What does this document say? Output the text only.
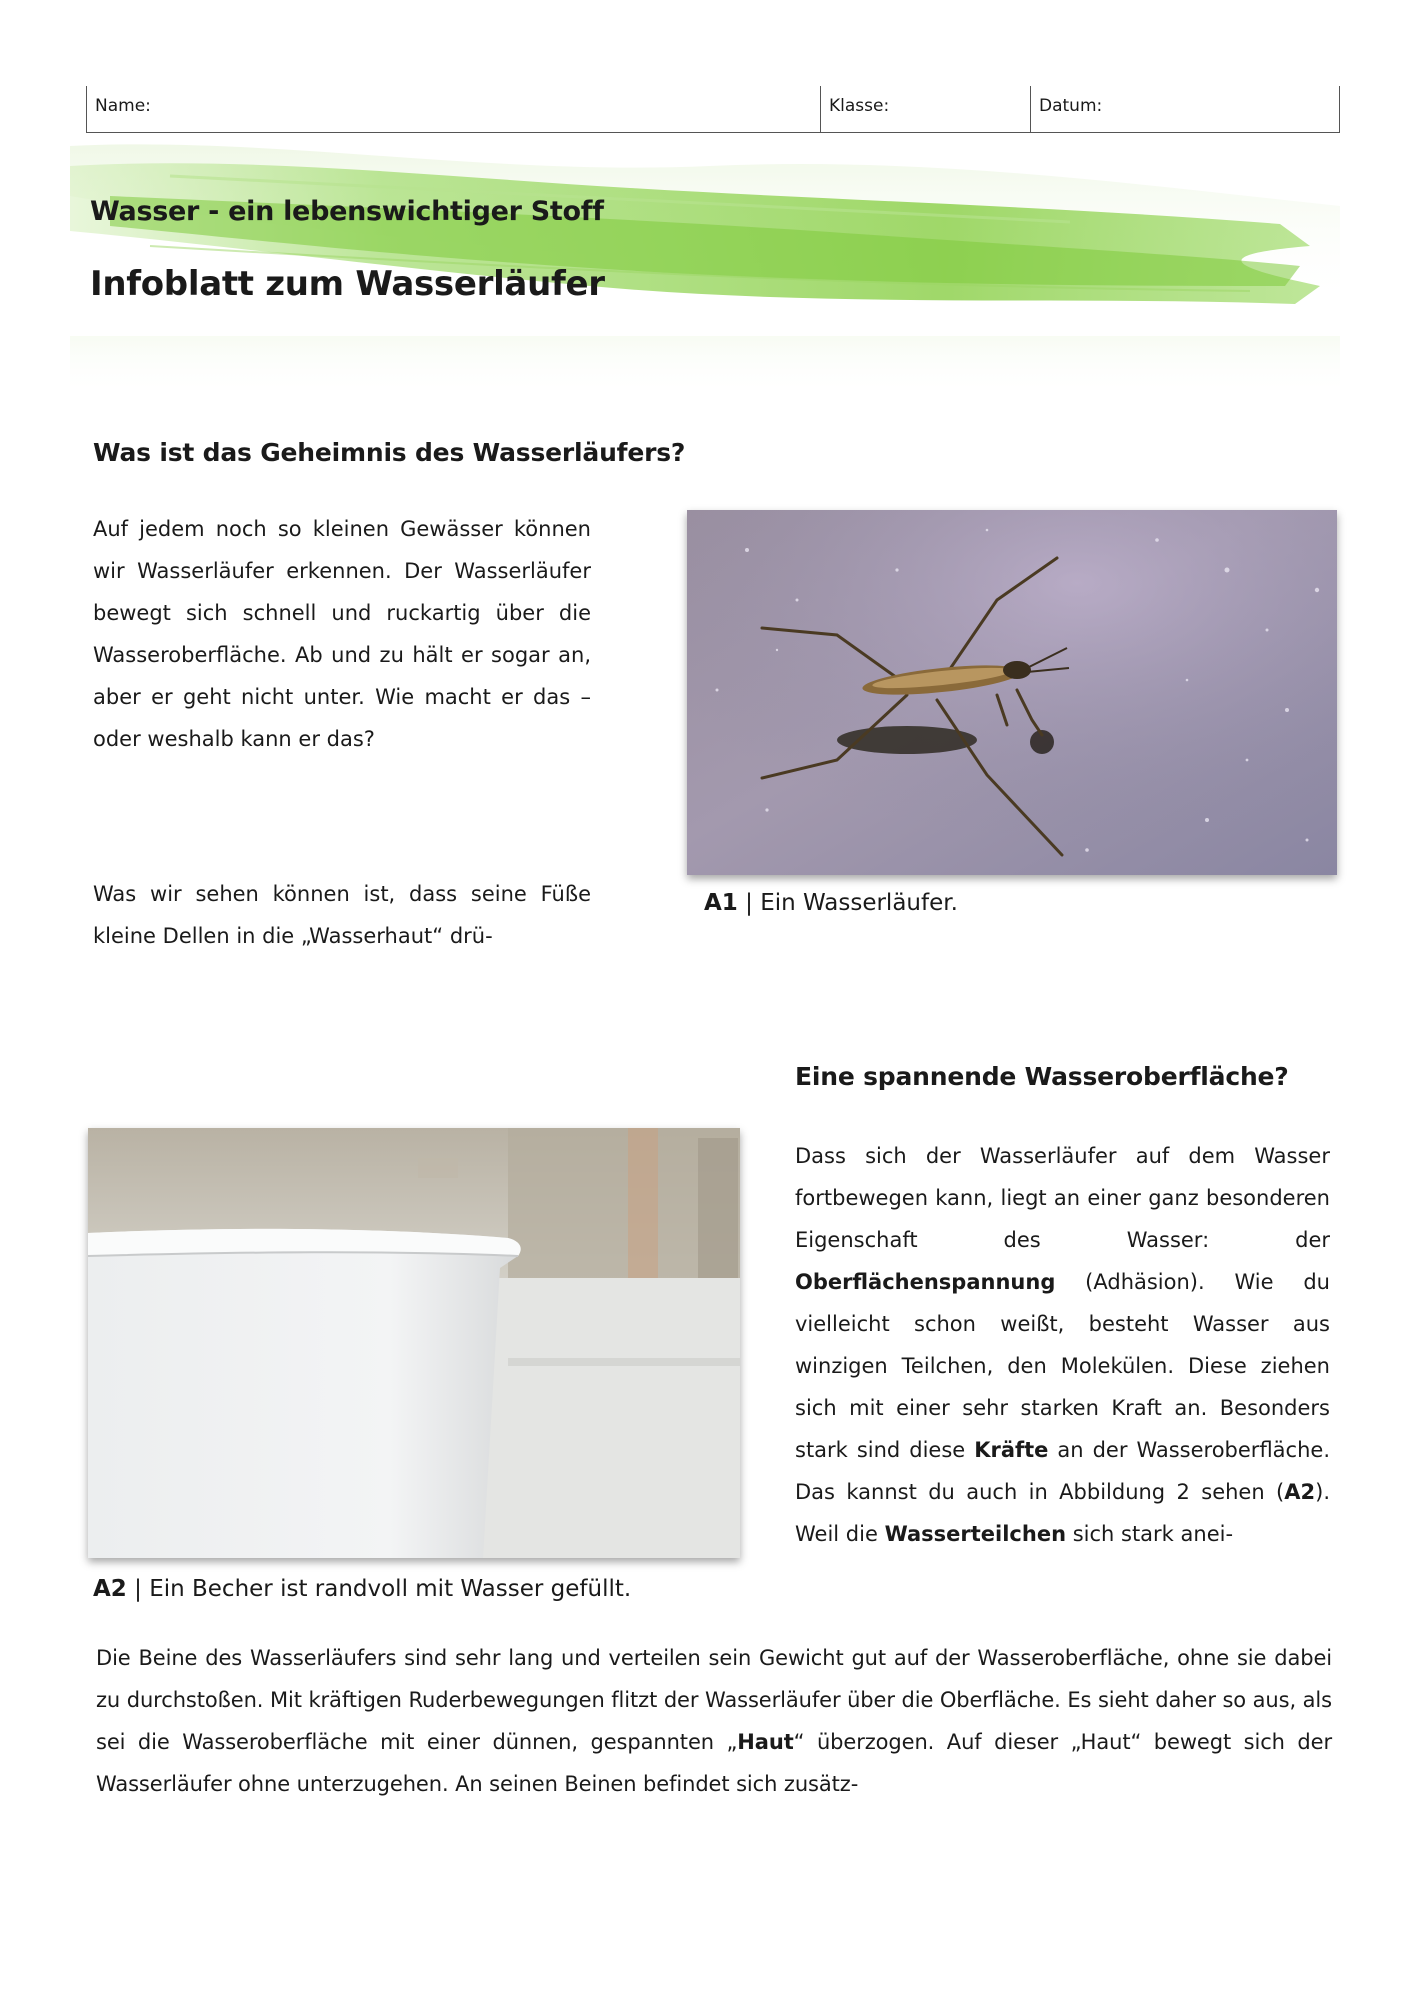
Name:	Klasse:	Datum:
Wasser - ein lebenswichtiger Stoff
Infoblatt zum Wasserläufer
Was ist das Geheimnis des Wasserläufers?

Auf jedem noch so kleinen Gewässer können wir Wasserläufer erkennen. Der Wasserläufer bewegt sich schnell und ruckartig über die Wasseroberfläche. Ab und zu hält er sogar an, aber er geht nicht unter. Wie macht er das – oder weshalb kann er das?

Was wir sehen können ist, dass seine Füße kleine Dellen in die „Wasserhaut“ drü-

A1 | Ein Wasserläufer.
Eine spannende Wasseroberfläche?

Dass sich der Wasserläufer auf dem Wasser fortbewegen kann, liegt an einer ganz besonderen Eigenschaft des Wasser: der Oberflächenspannung (Adhäsion). Wie du vielleicht schon weißt, besteht Wasser aus winzigen Teilchen, den Molekülen. Diese ziehen sich mit einer sehr starken Kraft an. Besonders stark sind diese Kräfte an der Wasseroberfläche. Das kannst du auch in Abbildung 2 sehen (A2). Weil die Wasserteilchen sich stark anei-

A2 | Ein Becher ist randvoll mit Wasser gefüllt.

Die Beine des Wasserläufers sind sehr lang und verteilen sein Gewicht gut auf der Wasseroberfläche, ohne sie dabei zu durchstoßen. Mit kräftigen Ruderbewegungen flitzt der Wasserläufer über die Oberfläche. Es sieht daher so aus, als sei die Wasseroberfläche mit einer dünnen, gespannten „Haut“ überzogen. Auf dieser „Haut“ bewegt sich der Wasserläufer ohne unterzugehen. An seinen Beinen befindet sich zusätz-
